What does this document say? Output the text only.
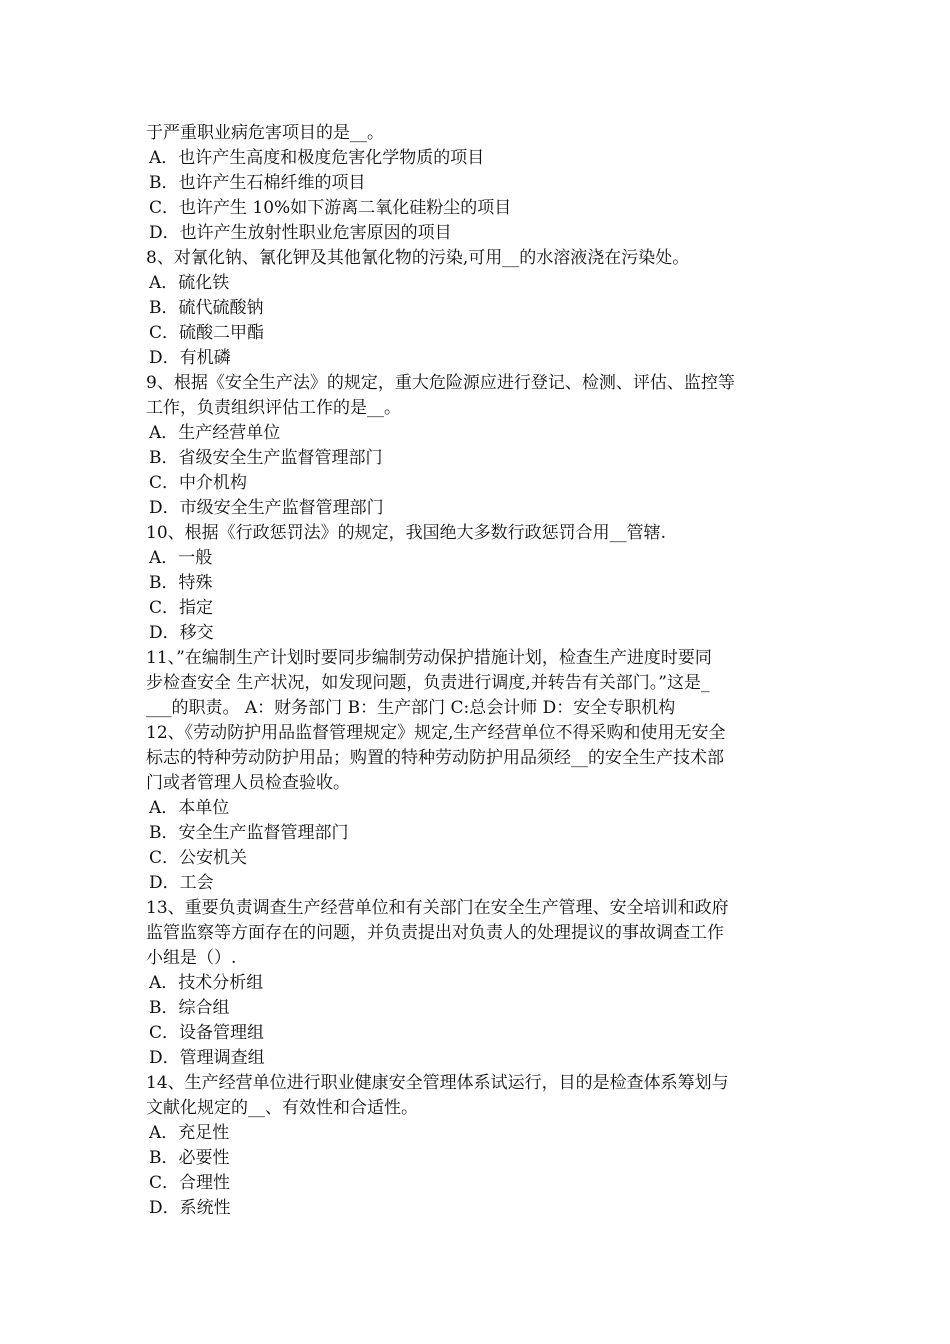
于严重职业病危害项目的是__。
A．也许产生高度和极度危害化学物质的项目
B．也许产生石棉纤维的项目
C．也许产生 10%如下游离二氧化硅粉尘的项目
D．也许产生放射性职业危害原因的项目
8、对氰化钠、氰化钾及其他氰化物的污染,可用__的水溶液浇在污染处。
A．硫化铁
B．硫代硫酸钠
C．硫酸二甲酯
D．有机磷
9、根据《安全生产法》的规定，重大危险源应进行登记、检测、评估、监控等
工作，负责组织评估工作的是__。
A．生产经营单位
B．省级安全生产监督管理部门
C．中介机构
D．市级安全生产监督管理部门
10、根据《行政惩罚法》的规定，我国绝大多数行政惩罚合用__管辖.
A．一般
B．特殊
C．指定
D．移交
11、”在编制生产计划时要同步编制劳动保护措施计划，检查生产进度时要同
步检查安全 生产状况，如发现问题，负责进行调度,并转告有关部门。”这是_
___的职责。 A：财务部门 B：生产部门 C:总会计师 D：安全专职机构
12、《劳动防护用品监督管理规定》规定,生产经营单位不得采购和使用无安全
标志的特种劳动防护用品；购置的特种劳动防护用品须经__的安全生产技术部
门或者管理人员检查验收。
A．本单位
B．安全生产监督管理部门
C．公安机关
D．工会
13、重要负责调查生产经营单位和有关部门在安全生产管理、安全培训和政府
监管监察等方面存在的问题，并负责提出对负责人的处理提议的事故调查工作
小组是（）.
A．技术分析组
B．综合组
C．设备管理组
D．管理调查组
14、生产经营单位进行职业健康安全管理体系试运行，目的是检查体系筹划与
文献化规定的__、有效性和合适性。
A．充足性
B．必要性
C．合理性
D．系统性
